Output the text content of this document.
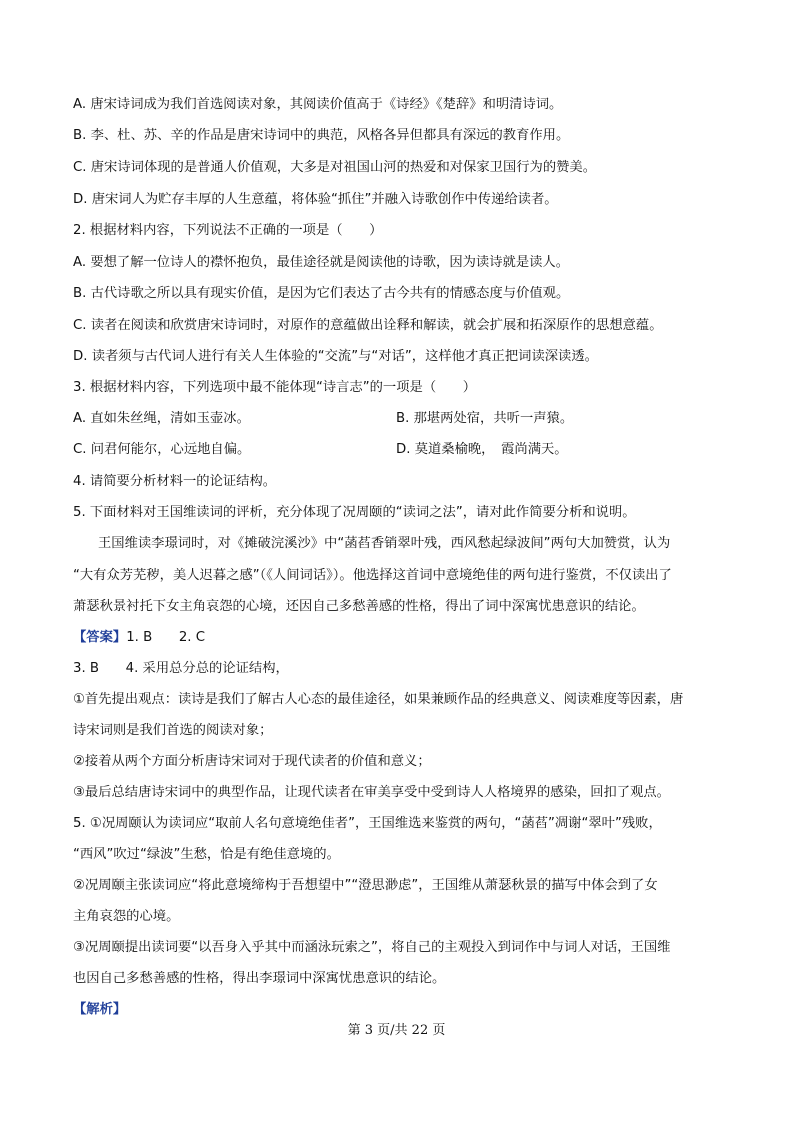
A. 唐宋诗词成为我们首选阅读对象，其阅读价值高于《诗经》《楚辞》和明清诗词。
B. 李、杜、苏、辛的作品是唐宋诗词中的典范，风格各异但都具有深远的教育作用。
C. 唐宋诗词体现的是普通人价值观，大多是对祖国山河的热爱和对保家卫国行为的赞美。
D. 唐宋词人为贮存丰厚的人生意蕴，将体验“抓住”并融入诗歌创作中传递给读者。
2. 根据材料内容，下列说法不正确的一项是（　　）
A. 要想了解一位诗人的襟怀抱负，最佳途径就是阅读他的诗歌，因为读诗就是读人。
B. 古代诗歌之所以具有现实价值，是因为它们表达了古今共有的情感态度与价值观。
C. 读者在阅读和欣赏唐宋诗词时，对原作的意蕴做出诠释和解读，就会扩展和拓深原作的思想意蕴。
D. 读者须与古代词人进行有关人生体验的“交流”与“对话”，这样他才真正把词读深读透。
3. 根据材料内容，下列选项中最不能体现“诗言志”的一项是（　　）
A. 直如朱丝绳，清如玉壶冰。	B. 那堪两处宿，共听一声猿。
C. 问君何能尔，心远地自偏。	D. 莫道桑榆晚，　霞尚满天。
4. 请简要分析材料一的论证结构。
5. 下面材料对王国维读词的评析，充分体现了况周颐的“读词之法”，请对此作简要分析和说明。
王国维读李璟词时，对《摊破浣溪沙》中“菡萏香销翠叶残，西风愁起绿波间”两句大加赞赏，认为
“大有众芳芜秽，美人迟暮之感”（《人间词话》）。他选择这首词中意境绝佳的两句进行鉴赏，不仅读出了
萧瑟秋景衬托下女主角哀怨的心境，还因自己多愁善感的性格，得出了词中深寓忧患意识的结论。
【答案】1. B　　2. C
3. B　　4. 采用总分总的论证结构，
①首先提出观点：读诗是我们了解古人心态的最佳途径，如果兼顾作品的经典意义、阅读难度等因素，唐
诗宋词则是我们首选的阅读对象；
②接着从两个方面分析唐诗宋词对于现代读者的价值和意义；
③最后总结唐诗宋词中的典型作品，让现代读者在审美享受中受到诗人人格境界的感染，回扣了观点。
5. ①况周颐认为读词应“取前人名句意境绝佳者”，王国维选来鉴赏的两句，“菡萏”凋谢“翠叶”残败，
“西风”吹过“绿波”生愁，恰是有绝佳意境的。
②况周颐主张读词应“将此意境缔构于吾想望中”“澄思渺虑”，王国维从萧瑟秋景的描写中体会到了女
主角哀怨的心境。
③况周颐提出读词要“以吾身入乎其中而涵泳玩索之”，将自己的主观投入到词作中与词人对话，王国维
也因自己多愁善感的性格，得出李璟词中深寓忧患意识的结论。
【解析】
第 3 页/共 22 页
